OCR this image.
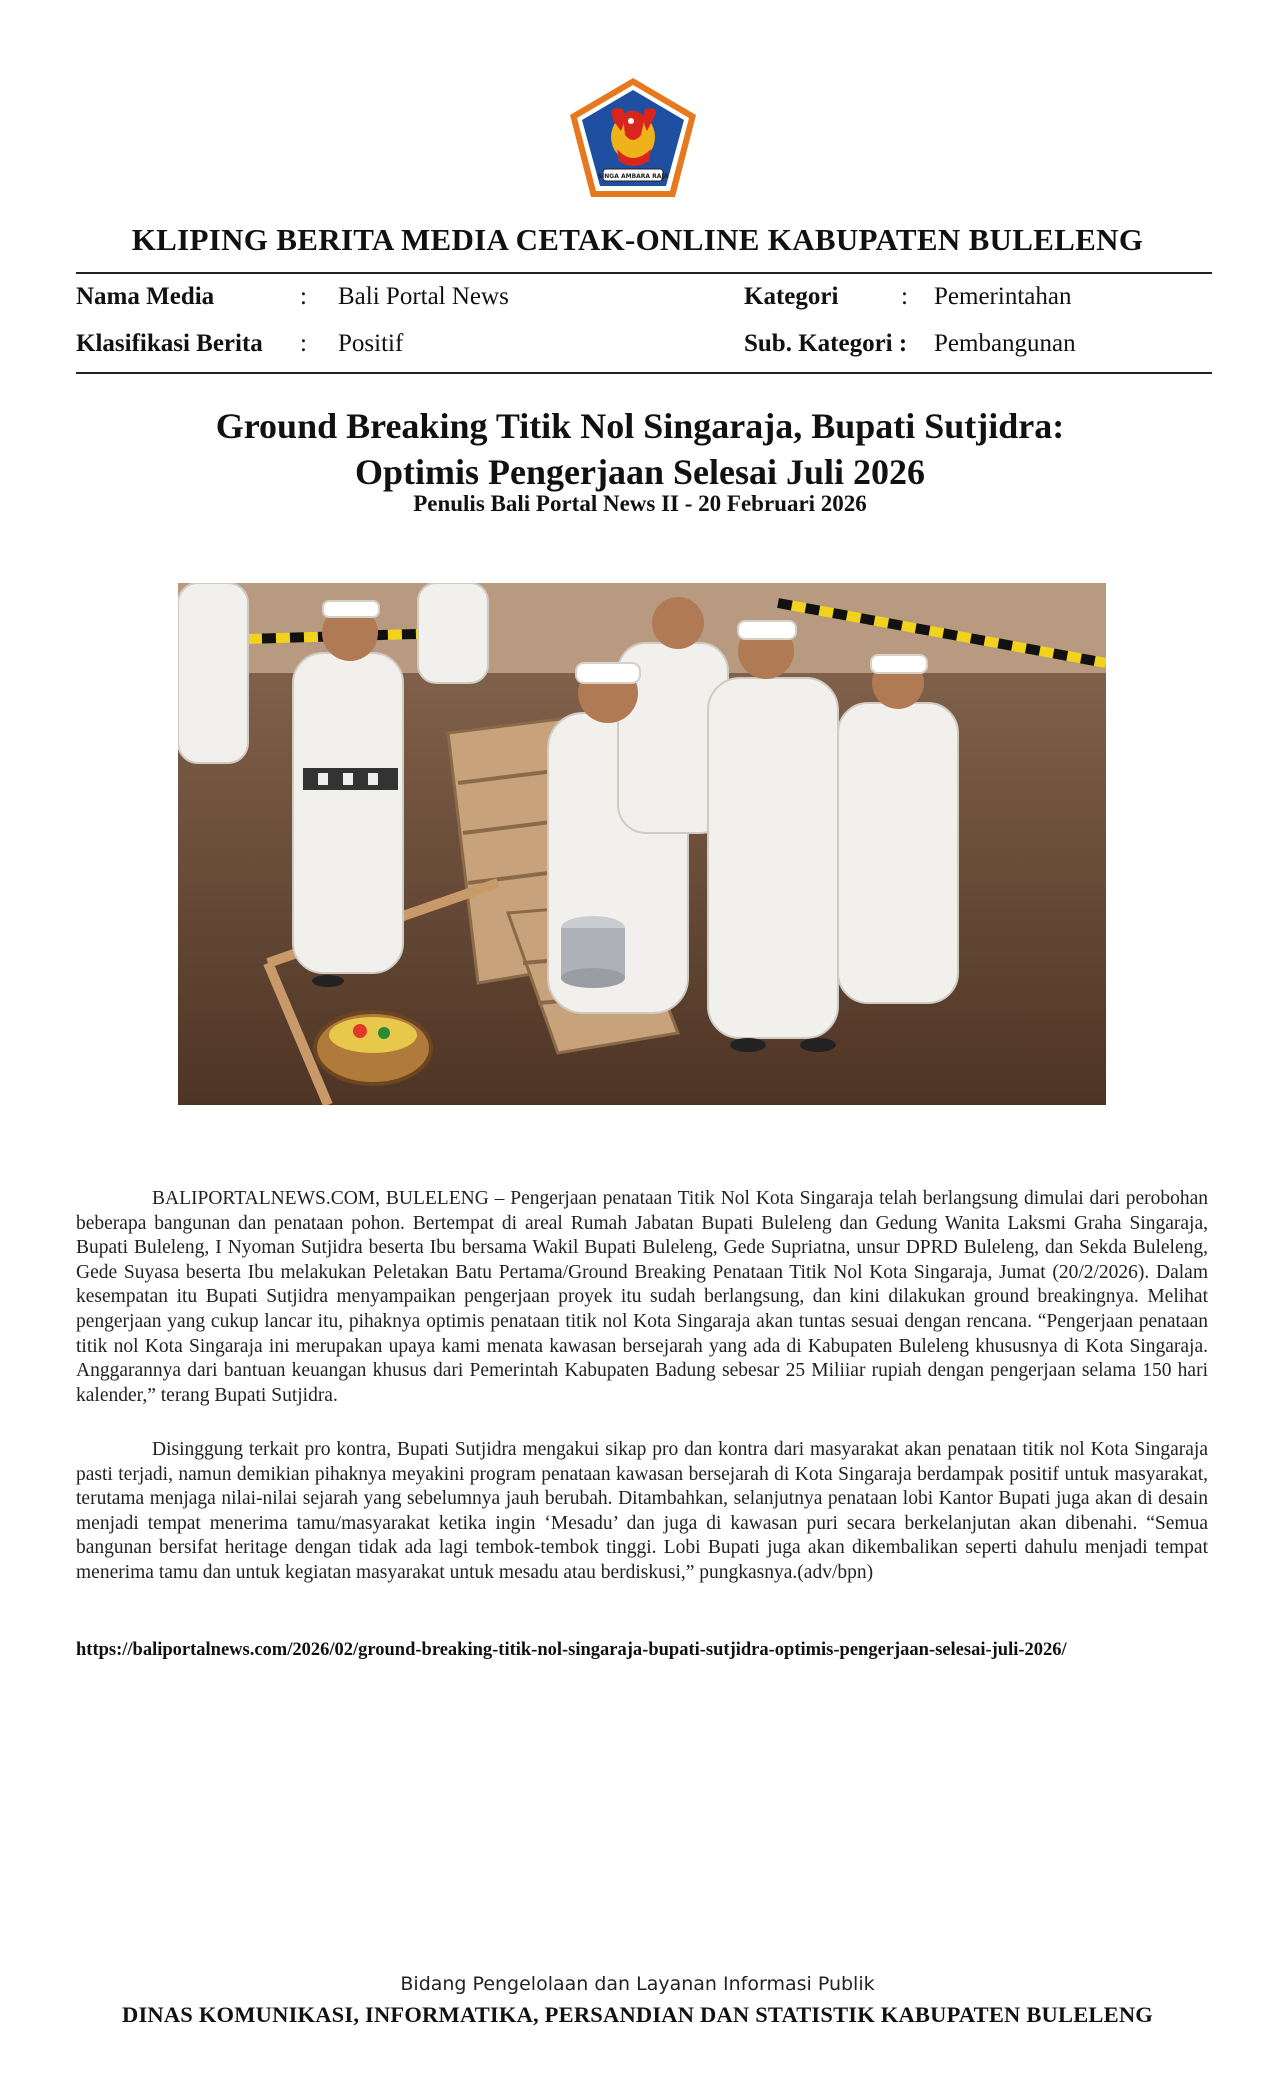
SINGA AMBARA RAJA
KLIPING BERITA MEDIA CETAK-ONLINE KABUPATEN BULELENG
Nama Media	: Bali Portal News	Kategori	: Pemerintahan
Klasifikasi Berita : Positif	Sub. Kategori : Pembangunan
Ground Breaking Titik Nol Singaraja, Bupati Sutjidra:
Optimis Pengerjaan Selesai Juli 2026
Penulis Bali Portal News II - 20 Februari 2026

BALIPORTALNEWS.COM, BULELENG – Pengerjaan penataan Titik Nol Kota Singaraja telah berlangsung dimulai dari perobohan beberapa bangunan dan penataan pohon. Bertempat di areal Rumah Jabatan Bupati Buleleng dan Gedung Wanita Laksmi Graha Singaraja, Bupati Buleleng, I Nyoman Sutjidra beserta Ibu bersama Wakil Bupati Buleleng, Gede Supriatna, unsur DPRD Buleleng, dan Sekda Buleleng, Gede Suyasa beserta Ibu melakukan Peletakan Batu Pertama/Ground Breaking Penataan Titik Nol Kota Singaraja, Jumat (20/2/2026). Dalam kesempatan itu Bupati Sutjidra menyampaikan pengerjaan proyek itu sudah berlangsung, dan kini dilakukan ground breakingnya. Melihat pengerjaan yang cukup lancar itu, pihaknya optimis penataan titik nol Kota Singaraja akan tuntas sesuai dengan rencana. “Pengerjaan penataan titik nol Kota Singaraja ini merupakan upaya kami menata kawasan bersejarah yang ada di Kabupaten Buleleng khususnya di Kota Singaraja. Anggarannya dari bantuan keuangan khusus dari Pemerintah Kabupaten Badung sebesar 25 Miliiar rupiah dengan pengerjaan selama 150 hari kalender,” terang Bupati Sutjidra.

Disinggung terkait pro kontra, Bupati Sutjidra mengakui sikap pro dan kontra dari masyarakat akan penataan titik nol Kota Singaraja pasti terjadi, namun demikian pihaknya meyakini program penataan kawasan bersejarah di Kota Singaraja berdampak positif untuk masyarakat, terutama menjaga nilai-nilai sejarah yang sebelumnya jauh berubah. Ditambahkan, selanjutnya penataan lobi Kantor Bupati juga akan di desain menjadi tempat menerima tamu/masyarakat ketika ingin ‘Mesadu’ dan juga di kawasan puri secara berkelanjutan akan dibenahi. “Semua bangunan bersifat heritage dengan tidak ada lagi tembok-tembok tinggi. Lobi Bupati juga akan dikembalikan seperti dahulu menjadi tempat menerima tamu dan untuk kegiatan masyarakat untuk mesadu atau berdiskusi,” pungkasnya.(adv/bpn)

https://baliportalnews.com/2026/02/ground-breaking-titik-nol-singaraja-bupati-sutjidra-optimis-pengerjaan-selesai-juli-2026/
Bidang Pengelolaan dan Layanan Informasi Publik
DINAS KOMUNIKASI, INFORMATIKA, PERSANDIAN DAN STATISTIK KABUPATEN BULELENG
